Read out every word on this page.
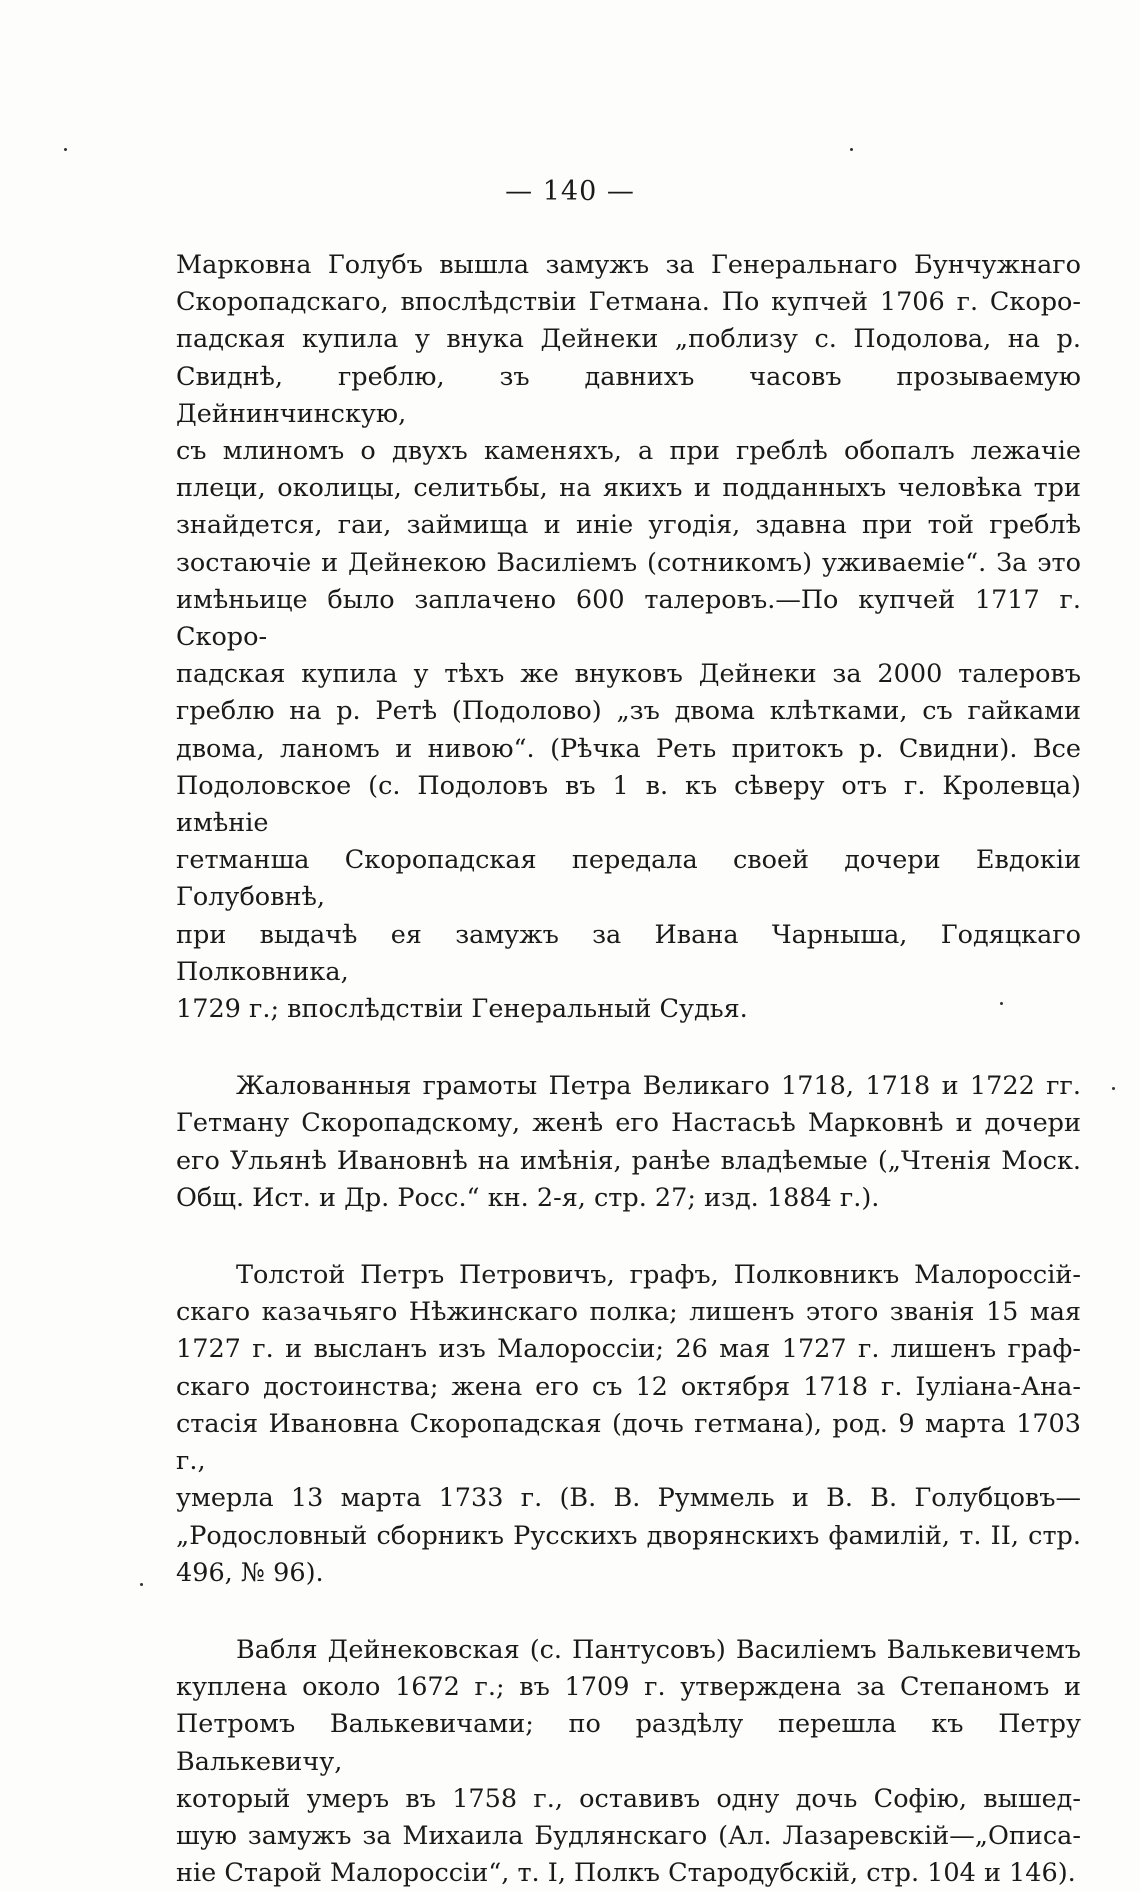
— 140 —

Марковна Голубъ вышла замужъ за Генеральнаго Бунчужнаго
Скоропадскаго, впослѣдствіи Гетмана. По купчей 1706 г. Скоро-
падская купила у внука Дейнеки „поблизу с. Подолова, на р.
Свиднѣ, греблю, зъ давнихъ часовъ прозываемую Дейнинчинскую,
съ млиномъ о двухъ каменяхъ, а при греблѣ обопалъ лежачіе
плеци, околицы, селитьбы, на якихъ и подданныхъ человѣка три
знайдется, гаи, займища и иніе угодія, здавна при той греблѣ
зостаючіе и Дейнекою Василіемъ (сотникомъ) уживаеміе“. За это
имѣньице было заплачено 600 талеровъ.—По купчей 1717 г. Скоро-
падская купила у тѣхъ же внуковъ Дейнеки за 2000 талеровъ
греблю на р. Ретѣ (Подолово) „зъ двома клѣтками, съ гайками
двома, ланомъ и нивою“. (Рѣчка Реть притокъ р. Свидни). Все
Подоловское (с. Подоловъ въ 1 в. къ сѣверу отъ г. Кролевца) имѣніе
гетманша Скоропадская передала своей дочери Евдокіи Голубовнѣ,
при выдачѣ ея замужъ за Ивана Чарныша, Годяцкаго Полковника,
1729 г.; впослѣдствіи Генеральный Судья.

Жалованныя грамоты Петра Великаго 1718, 1718 и 1722 гг.
Гетману Скоропадскому, женѣ его Настасьѣ Марковнѣ и дочери
его Ульянѣ Ивановнѣ на имѣнія, ранѣе владѣемые („Чтенія Моск.
Общ. Ист. и Др. Росс.“ кн. 2-я, стр. 27; изд. 1884 г.).

Толстой Петръ Петровичъ, графъ, Полковникъ Малороссій-
скаго казачьяго Нѣжинскаго полка; лишенъ этого званія 15 мая
1727 г. и высланъ изъ Малороссіи; 26 мая 1727 г. лишенъ граф-
скаго достоинства; жена его съ 12 октября 1718 г. Іуліана-Ана-
стасія Ивановна Скоропадская (дочь гетмана), род. 9 марта 1703 г.,
умерла 13 марта 1733 г. (В. В. Руммель и В. В. Голубцовъ—
„Родословный сборникъ Русскихъ дворянскихъ фамилій, т. II, стр.
496, № 96).

Вабля Дейнековская (с. Пантусовъ) Василіемъ Валькевичемъ
куплена около 1672 г.; въ 1709 г. утверждена за Степаномъ и
Петромъ Валькевичами; по раздѣлу перешла къ Петру Валькевичу,
который умеръ въ 1758 г., оставивъ одну дочь Софію, вышед-
шую замужъ за Михаила Будлянскаго (Ал. Лазаревскій—„Описа-
ніе Старой Малороссіи“, т. I, Полкъ Стародубскій, стр. 104 и 146).
